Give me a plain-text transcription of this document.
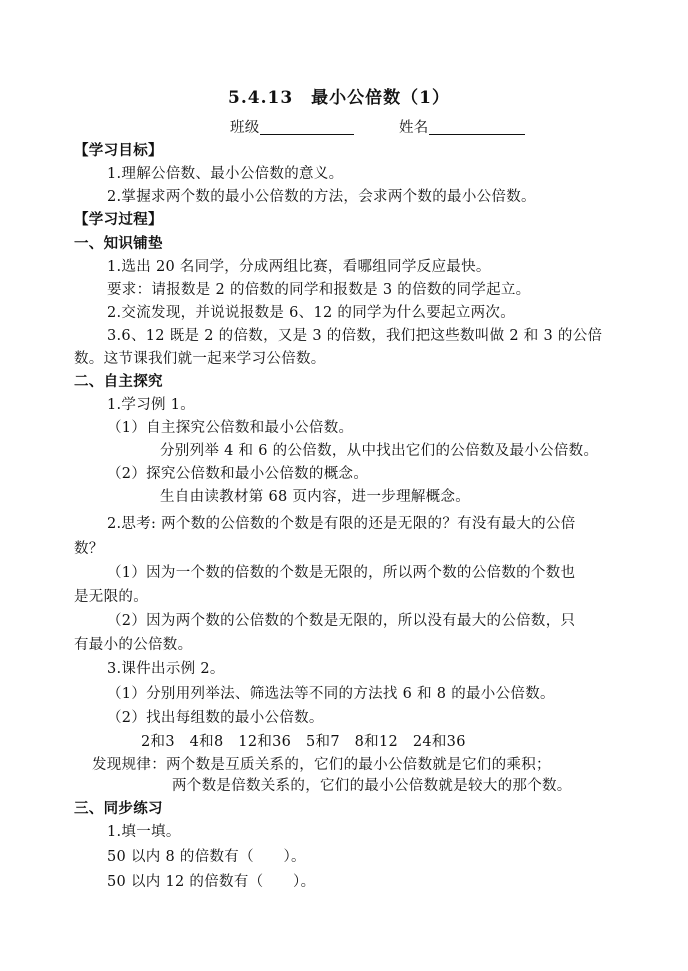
5.4.13　最小公倍数（1）
班级	姓名
【学习目标】
1.理解公倍数、最小公倍数的意义。
2.掌握求两个数的最小公倍数的方法，会求两个数的最小公倍数。
【学习过程】
一、知识铺垫
1.选出 20 名同学，分成两组比赛，看哪组同学反应最快。
要求：请报数是 2 的倍数的同学和报数是 3 的倍数的同学起立。
2.交流发现，并说说报数是 6、12 的同学为什么要起立两次。
3.6、12 既是 2 的倍数，又是 3 的倍数，我们把这些数叫做 2 和 3 的公倍
数。这节课我们就一起来学习公倍数。
二、自主探究
1.学习例 1。
（1）自主探究公倍数和最小公倍数。
分别列举 4 和 6 的公倍数，从中找出它们的公倍数及最小公倍数。
（2）探究公倍数和最小公倍数的概念。
生自由读教材第 68 页内容，进一步理解概念。
2.思考: 两个数的公倍数的个数是有限的还是无限的？有没有最大的公倍
数？
（1）因为一个数的倍数的个数是无限的，所以两个数的公倍数的个数也
是无限的。
（2）因为两个数的公倍数的个数是无限的，所以没有最大的公倍数，只
有最小的公倍数。
3.课件出示例 2。
（1）分别用列举法、筛选法等不同的方法找 6 和 8 的最小公倍数。
（2）找出每组数的最小公倍数。
2和3　4和8　12和36　5和7　8和12　24和36
发现规律：两个数是互质关系的，它们的最小公倍数就是它们的乘积；
两个数是倍数关系的，它们的最小公倍数就是较大的那个数。
三、同步练习
1.填一填。
50 以内 8 的倍数有（　　）。
50 以内 12 的倍数有（　　）。
